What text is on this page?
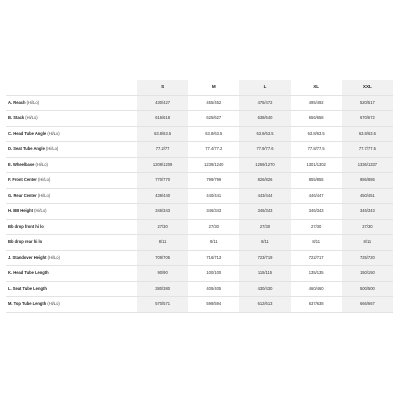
	S	M	L	XL	XXL
A. Reach (Hi/Lo)	430/427	455/452	475/472	495/492	520/517
B. Stack (Hi/Lo)	616/618	625/627	638/640	656/658	670/672
C. Head Tube Angle (Hi/Lo)	63.8/63.5	63.8/63.5	63.8/63.5	63.8/63.5	63.8/63.5
D. Seat Tube Angle (Hi/Lo)	77.2/77	77.4/77.2	77.9/77.6	77.8/77.5	77.7/77.5
E. Wheelbase (Hi/Lo)	1209/1209	1239/1240	1269/1270	1301/1302	1336/1337
F. Front Center (Hi/Lo)	770/770	799/799	826/826	855/855	886/886
G. Rear Center (Hi/Lo)	439/440	440/441	443/444	446/447	450/451
H. BB Height (Hi/Lo)	346/343	346/343	346/343	346/343	346/343
Bb drop front hi lo	27/30	27/30	27/30	27/30	27/30
Bb drop rear hi lo	8/11	8/11	8/11	8/11	8/11
J. Standover Height (Hi/Lo)	709/705	716/713	723/719	722/717	725/720
K. Head Tube Length	90/90	100/100	115/115	135/135	150/150
L. Seat Tube Length	380/380	405/405	430/430	460/460	500/500
M. Top Tube Length (Hi/Lo)	570/571	598/594	612/613	637/638	666/667
